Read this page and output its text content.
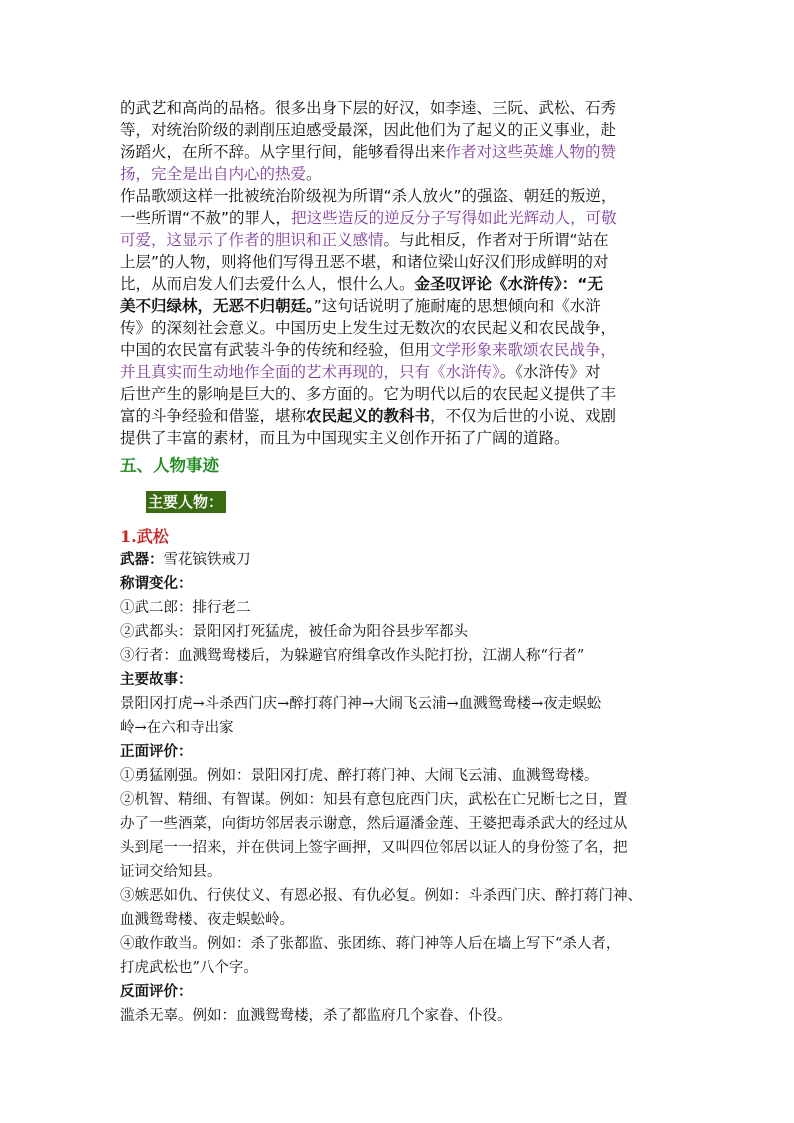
的武艺和高尚的品格。很多出身下层的好汉，如李逵、三阮、武松、石秀
等，对统治阶级的剥削压迫感受最深，因此他们为了起义的正义事业，赴
汤蹈火，在所不辞。从字里行间，能够看得出来作者对这些英雄人物的赞
扬，完全是出自内心的热爱。
作品歌颂这样一批被统治阶级视为所谓“杀人放火”的强盗、朝廷的叛逆，
一些所谓“不赦”的罪人，把这些造反的逆反分子写得如此光辉动人，可敬
可爱，这显示了作者的胆识和正义感情。与此相反，作者对于所谓“站在
上层”的人物，则将他们写得丑恶不堪，和诸位梁山好汉们形成鲜明的对
比，从而启发人们去爱什么人，恨什么人。金圣叹评论《水浒传》：“无
美不归绿林，无恶不归朝廷。”这句话说明了施耐庵的思想倾向和《水浒
传》的深刻社会意义。中国历史上发生过无数次的农民起义和农民战争，
中国的农民富有武装斗争的传统和经验，但用文学形象来歌颂农民战争，
并且真实而生动地作全面的艺术再现的，只有《水浒传》。《水浒传》对
后世产生的影响是巨大的、多方面的。它为明代以后的农民起义提供了丰
富的斗争经验和借鉴，堪称农民起义的教科书，不仅为后世的小说、戏剧
提供了丰富的素材，而且为中国现实主义创作开拓了广阔的道路。
五、人物事迹
主要人物：
1.武松
武器：雪花镔铁戒刀
称谓变化：
①武二郎：排行老二
②武都头：景阳冈打死猛虎，被任命为阳谷县步军都头
③行者：血溅鸳鸯楼后，为躲避官府缉拿改作头陀打扮，江湖人称“行者”
主要故事：
景阳冈打虎→斗杀西门庆→醉打蒋门神→大闹飞云浦→血溅鸳鸯楼→夜走蜈蚣
岭→在六和寺出家
正面评价：
①勇猛刚强。例如：景阳冈打虎、醉打蒋门神、大闹飞云浦、血溅鸳鸯楼。
②机智、精细、有智谋。例如：知县有意包庇西门庆，武松在亡兄断七之日，置
办了一些酒菜，向街坊邻居表示谢意，然后逼潘金莲、王婆把毒杀武大的经过从
头到尾一一招来，并在供词上签字画押，又叫四位邻居以证人的身份签了名，把
证词交给知县。
③嫉恶如仇、行侠仗义、有恩必报、有仇必复。例如：斗杀西门庆、醉打蒋门神、
血溅鸳鸯楼、夜走蜈蚣岭。
④敢作敢当。例如：杀了张都监、张团练、蒋门神等人后在墙上写下“杀人者，
打虎武松也”八个字。
反面评价：
滥杀无辜。例如：血溅鸳鸯楼，杀了都监府几个家眷、仆役。
